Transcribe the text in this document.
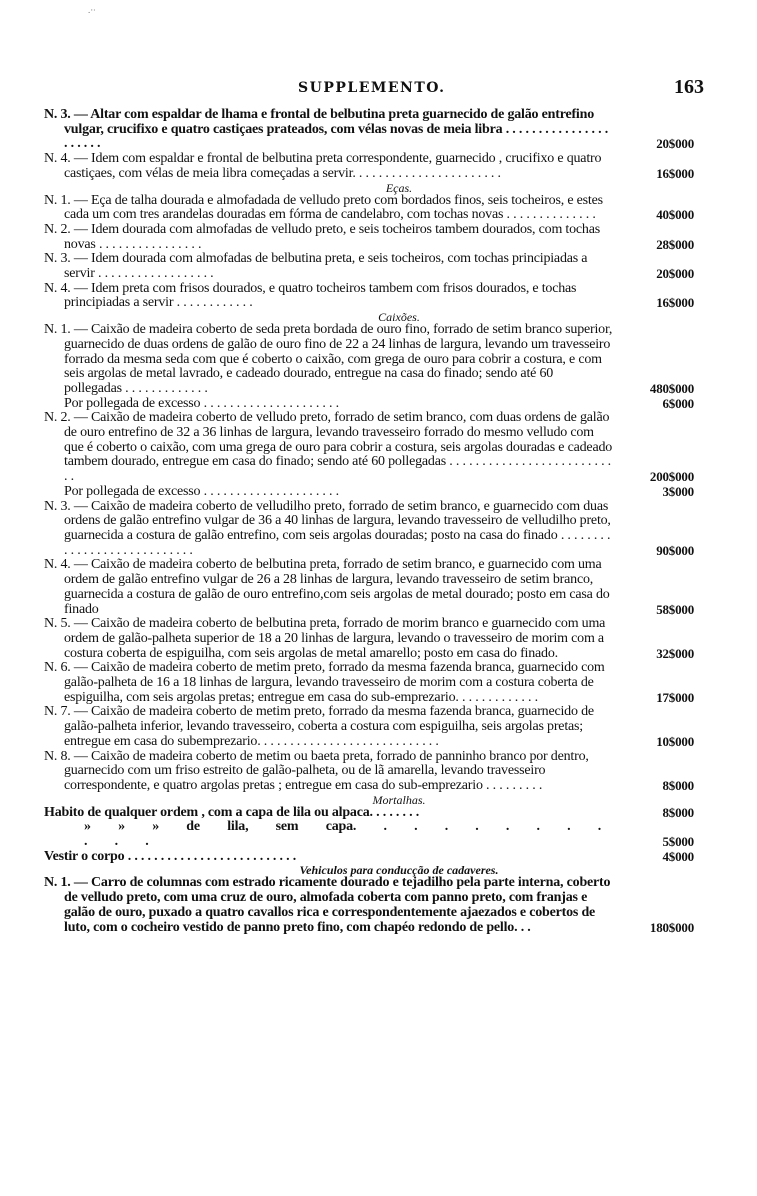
.·∙
SUPPLEMENTO.	163
N. 3. — Altar com espaldar de lhama e frontal de belbutina preta guarnecido de galão entrefino vulgar, crucifixo e quatro castiçaes prateados, com vélas novas de meia libra . . . . . . . . . . . . . . . . . . . . . .	20$000
N. 4. — Idem com espaldar e frontal de belbutina preta correspondente, guarnecido , crucifixo e quatro castiçaes, com vélas de meia libra começadas a servir. . . . . . . . . . . . . . . . . . . . . . .	16$000
Eças.
N. 1. — Eça de talha dourada e almofadada de velludo preto com bordados finos, seis tocheiros, e estes cada um com tres arandelas douradas em fórma de candelabro, com tochas novas . . . . . . . . . . . . . .	40$000
N. 2. — Idem dourada com almofadas de velludo preto, e seis tocheiros tambem dourados, com tochas novas . . . . . . . . . . . . . . . .	28$000
N. 3. — Idem dourada com almofadas de belbutina preta, e seis tocheiros, com tochas principiadas a servir . . . . . . . . . . . . . . . . . .	20$000
N. 4. — Idem preta com frisos dourados, e quatro tocheiros tambem com frisos dourados, e tochas principiadas a servir . . . . . . . . . . . .	16$000
Caixões.
N. 1. — Caixão de madeira coberto de seda preta bordada de ouro fino, forrado de setim branco superior, guarnecido de duas ordens de galão de ouro fino de 22 a 24 linhas de largura, levando um travesseiro forrado da mesma seda com que é coberto o caixão, com grega de ouro para cobrir a costura, e com seis argolas de metal lavrado, e cadeado dourado, entregue na casa do finado; sendo até 60 pollegadas . . . . . . . . . . . . .	480$000
Por pollegada de excesso . . . . . . . . . . . . . . . . . . . . .	6$000
N. 2. — Caixão de madeira coberto de velludo preto, forrado de setim branco, com duas ordens de galão de ouro entrefino de 32 a 36 linhas de largura, levando travesseiro forrado do mesmo velludo com que é coberto o caixão, com uma grega de ouro para cobrir a costura, seis argolas douradas e cadeado tambem dourado, entregue em casa do finado; sendo até 60 pollegadas . . . . . . . . . . . . . . . . . . . . . . . . . . .	200$000
Por pollegada de excesso . . . . . . . . . . . . . . . . . . . . .	3$000
N. 3. — Caixão de madeira coberto de velludilho preto, forrado de setim branco, e guarnecido com duas ordens de galão entrefino vulgar de 36 a 40 linhas de largura, levando travesseiro de velludilho preto, guarnecida a costura de galão entrefino, com seis argolas douradas; posto na casa do finado . . . . . . . . . . . . . . . . . . . . . . . . . . . .	90$000
N. 4. — Caixão de madeira coberto de belbutina preta, forrado de setim branco, e guarnecido com uma ordem de galão entrefino vulgar de 26 a 28 linhas de largura, levando travesseiro de setim branco, guarnecida a costura de galão de ouro entrefino,com seis argolas de metal dourado; posto em casa do finado	58$000
N. 5. — Caixão de madeira coberto de belbutina preta, forrado de morim branco e guarnecido com uma ordem de galão-palheta superior de 18 a 20 linhas de largura, levando o travesseiro de morim com a costura coberta de espiguilha, com seis argolas de metal amarello; posto em casa do finado.	32$000
N. 6. — Caixão de madeira coberto de metim preto, forrado da mesma fazenda branca, guarnecido com galão-palheta de 16 a 18 linhas de largura, levando travesseiro de morim com a costura coberta de espiguilha, com seis argolas pretas; entregue em casa do sub-emprezario. . . . . . . . . . . . .	17$000
N. 7. — Caixão de madeira coberto de metim preto, forrado da mesma fazenda branca, guarnecido de galão-palheta inferior, levando travesseiro, coberta a costura com espiguilha, seis argolas pretas; entregue em casa do subemprezario. . . . . . . . . . . . . . . . . . . . . . . . . . . .	10$000
N. 8. — Caixão de madeira coberto de metim ou baeta preta, forrado de panninho branco por dentro, guarnecido com um friso estreito de galão-palheta, ou de lã amarella, levando travesseiro correspondente, e quatro argolas pretas ; entregue em casa do sub-emprezario . . . . . . . . .	8$000
Mortalhas.
Habito de qualquer ordem , com a capa de lila ou alpaca. . . . . . . .	8$000
» » » de lila, sem capa. . . . . . . . . . . .	5$000
Vestir o corpo . . . . . . . . . . . . . . . . . . . . . . . . . .	4$000
Vehiculos para conducção de cadaveres.
N. 1. — Carro de columnas com estrado ricamente dourado e tejadilho pela parte interna, coberto de velludo preto, com uma cruz de ouro, almofada coberta com panno preto, com franjas e galão de ouro, puxado a quatro cavallos rica e correspondentemente ajaezados e cobertos de luto, com o cocheiro vestido de panno preto fino, com chapéo redondo de pello. . .	180$000
